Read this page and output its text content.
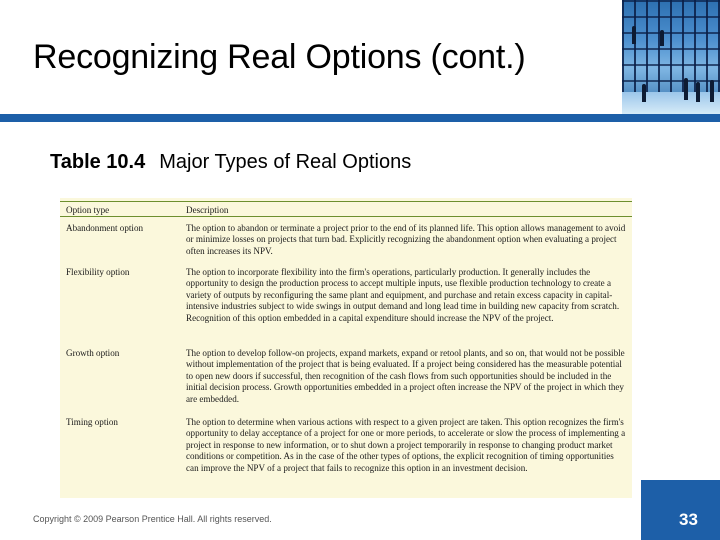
Recognizing Real Options (cont.)
Table 10.4 Major Types of Real Options
Option type	Description
Abandonment option	The option to abandon or terminate a project prior to the end of its planned life. This option allows management to avoid or minimize losses on projects that turn bad. Explicitly recognizing the abandonment option when evaluating a project often increases its NPV.
Flexibility option	The option to incorporate flexibility into the firm's operations, particularly production. It generally includes the opportunity to design the production process to accept multiple inputs, use flexible production technology to create a variety of outputs by reconfiguring the same plant and equipment, and purchase and retain excess capacity in capital-intensive industries subject to wide swings in output demand and long lead time in building new capacity from scratch. Recognition of this option embedded in a capital expenditure should increase the NPV of the project.
Growth option	The option to develop follow-on projects, expand markets, expand or retool plants, and so on, that would not be possible without implementation of the project that is being evaluated. If a project being considered has the measurable potential to open new doors if successful, then recognition of the cash flows from such opportunities should be included in the initial decision process. Growth opportunities embedded in a project often increase the NPV of the project in which they are embedded.
Timing option	The option to determine when various actions with respect to a given project are taken. This option recognizes the firm's opportunity to delay acceptance of a project for one or more periods, to accelerate or slow the process of implementing a project in response to new information, or to shut down a project temporarily in response to changing product market conditions or competition. As in the case of the other types of options, the explicit recognition of timing opportunities can improve the NPV of a project that fails to recognize this option in an investment decision.
Copyright © 2009 Pearson Prentice Hall. All rights reserved.	33
